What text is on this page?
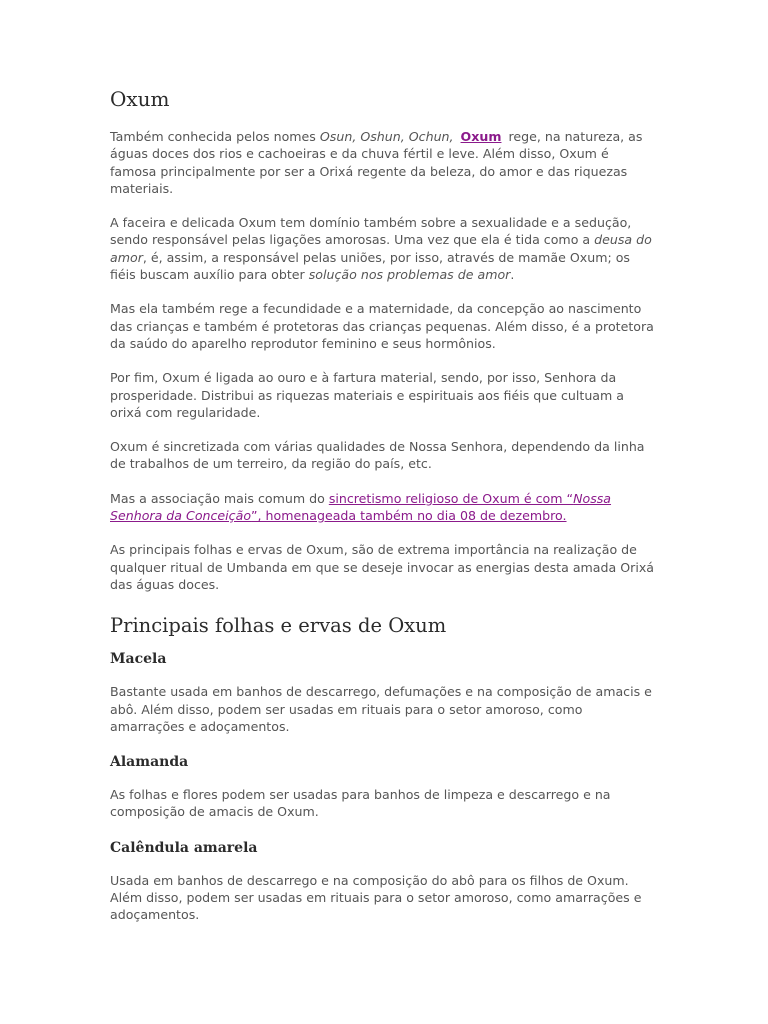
Oxum

Também conhecida pelos nomes Osun, Oshun, Ochun, Oxum rege, na natureza, as águas doces dos rios e cachoeiras e da chuva fértil e leve. Além disso, Oxum é famosa principalmente por ser a Orixá regente da beleza, do amor e das riquezas materiais.

A faceira e delicada Oxum tem domínio também sobre a sexualidade e a sedução, sendo responsável pelas ligações amorosas. Uma vez que ela é tida como a deusa do amor, é, assim, a responsável pelas uniões, por isso, através de mamãe Oxum; os fiéis buscam auxílio para obter solução nos problemas de amor.

Mas ela também rege a fecundidade e a maternidade, da concepção ao nascimento das crianças e também é protetoras das crianças pequenas. Além disso, é a protetora da saúdo do aparelho reprodutor feminino e seus hormônios.

Por fim, Oxum é ligada ao ouro e à fartura material, sendo, por isso, Senhora da prosperidade. Distribui as riquezas materiais e espirituais aos fiéis que cultuam a orixá com regularidade.

Oxum é sincretizada com várias qualidades de Nossa Senhora, dependendo da linha de trabalhos de um terreiro, da região do país, etc.

Mas a associação mais comum do sincretismo religioso de Oxum é com “Nossa Senhora da Conceição”, homenageada também no dia 08 de dezembro.

As principais folhas e ervas de Oxum, são de extrema importância na realização de qualquer ritual de Umbanda em que se deseje invocar as energias desta amada Orixá das águas doces.

Principais folhas e ervas de Oxum
Macela

Bastante usada em banhos de descarrego, defumações e na composição de amacis e abô. Além disso, podem ser usadas em rituais para o setor amoroso, como amarrações e adoçamentos.

Alamanda

As folhas e flores podem ser usadas para banhos de limpeza e descarrego e na composição de amacis de Oxum.

Calêndula amarela

Usada em banhos de descarrego e na composição do abô para os filhos de Oxum. Além disso, podem ser usadas em rituais para o setor amoroso, como amarrações e adoçamentos.
